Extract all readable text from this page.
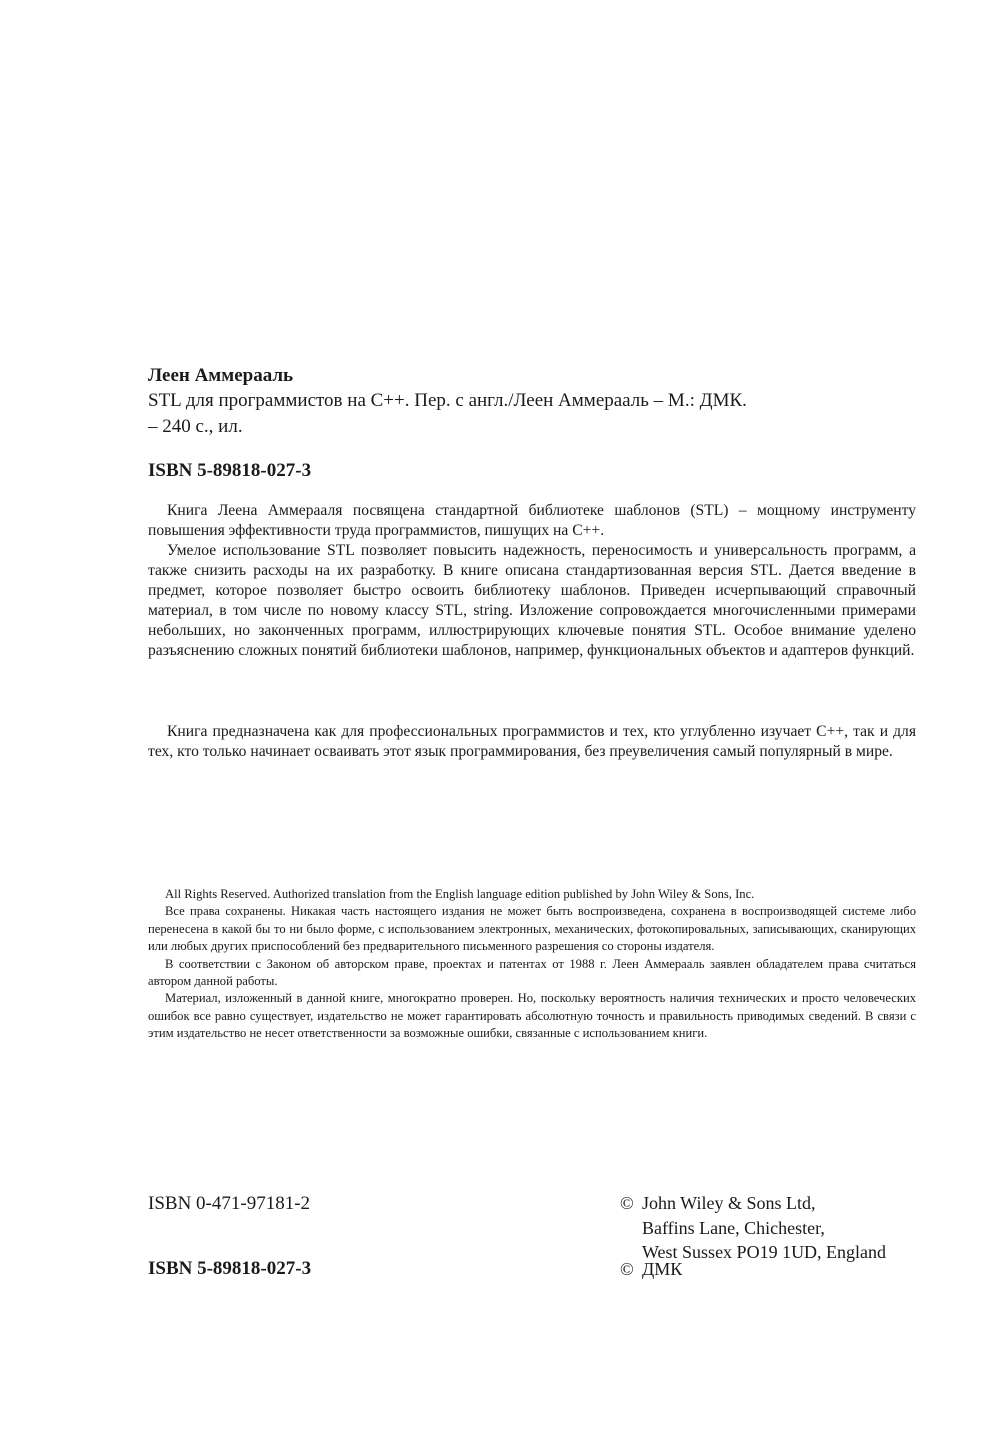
Леен Аммерааль
STL для программистов на C++. Пер. с англ./Леен Аммерааль – М.: ДМК.
– 240 с., ил.
ISBN 5-89818-027-3

Книга Леена Аммерааля посвящена стандартной библиотеке шаблонов (STL) – мощному инструменту повышения эффективности труда программистов, пишущих на C++.

Умелое использование STL позволяет повысить надежность, переносимость и универсальность программ, а также снизить расходы на их разработку. В книге описана стандартизованная версия STL. Дается введение в предмет, которое позволяет быстро освоить библиотеку шаблонов. Приведен исчерпывающий справочный материал, в том числе по новому классу STL, string. Изложение сопровождается многочисленными примерами небольших, но законченных программ, иллюстрирующих ключевые понятия STL. Особое внимание уделено разъяснению сложных понятий библиотеки шаблонов, например, функциональных объектов и адаптеров функций.

Книга предназначена как для профессиональных программистов и тех, кто углубленно изучает C++, так и для тех, кто только начинает осваивать этот язык программирования, без преувеличения самый популярный в мире.

All Rights Reserved. Authorized translation from the English language edition published by John Wiley & Sons, Inc.

Все права сохранены. Никакая часть настоящего издания не может быть воспроизведена, сохранена в воспроизводящей системе либо перенесена в какой бы то ни было форме, с использованием электронных, механических, фотокопировальных, записывающих, сканирующих или любых других приспособлений без предварительного письменного разрешения со стороны издателя.

В соответствии с Законом об авторском праве, проектах и патентах от 1988 г. Леен Аммерааль заявлен обладателем права считаться автором данной работы.

Материал, изложенный в данной книге, многократно проверен. Но, поскольку вероятность наличия технических и просто человеческих ошибок все равно существует, издательство не может гарантировать абсолютную точность и правильность приводимых сведений. В связи с этим издательство не несет ответственности за возможные ошибки, связанные с использованием книги.

ISBN 0-471-97181-2	© John Wiley & Sons Ltd,
Baffins Lane, Chichester,
West Sussex PO19 1UD, England
ISBN 5-89818-027-3	© ДМК
